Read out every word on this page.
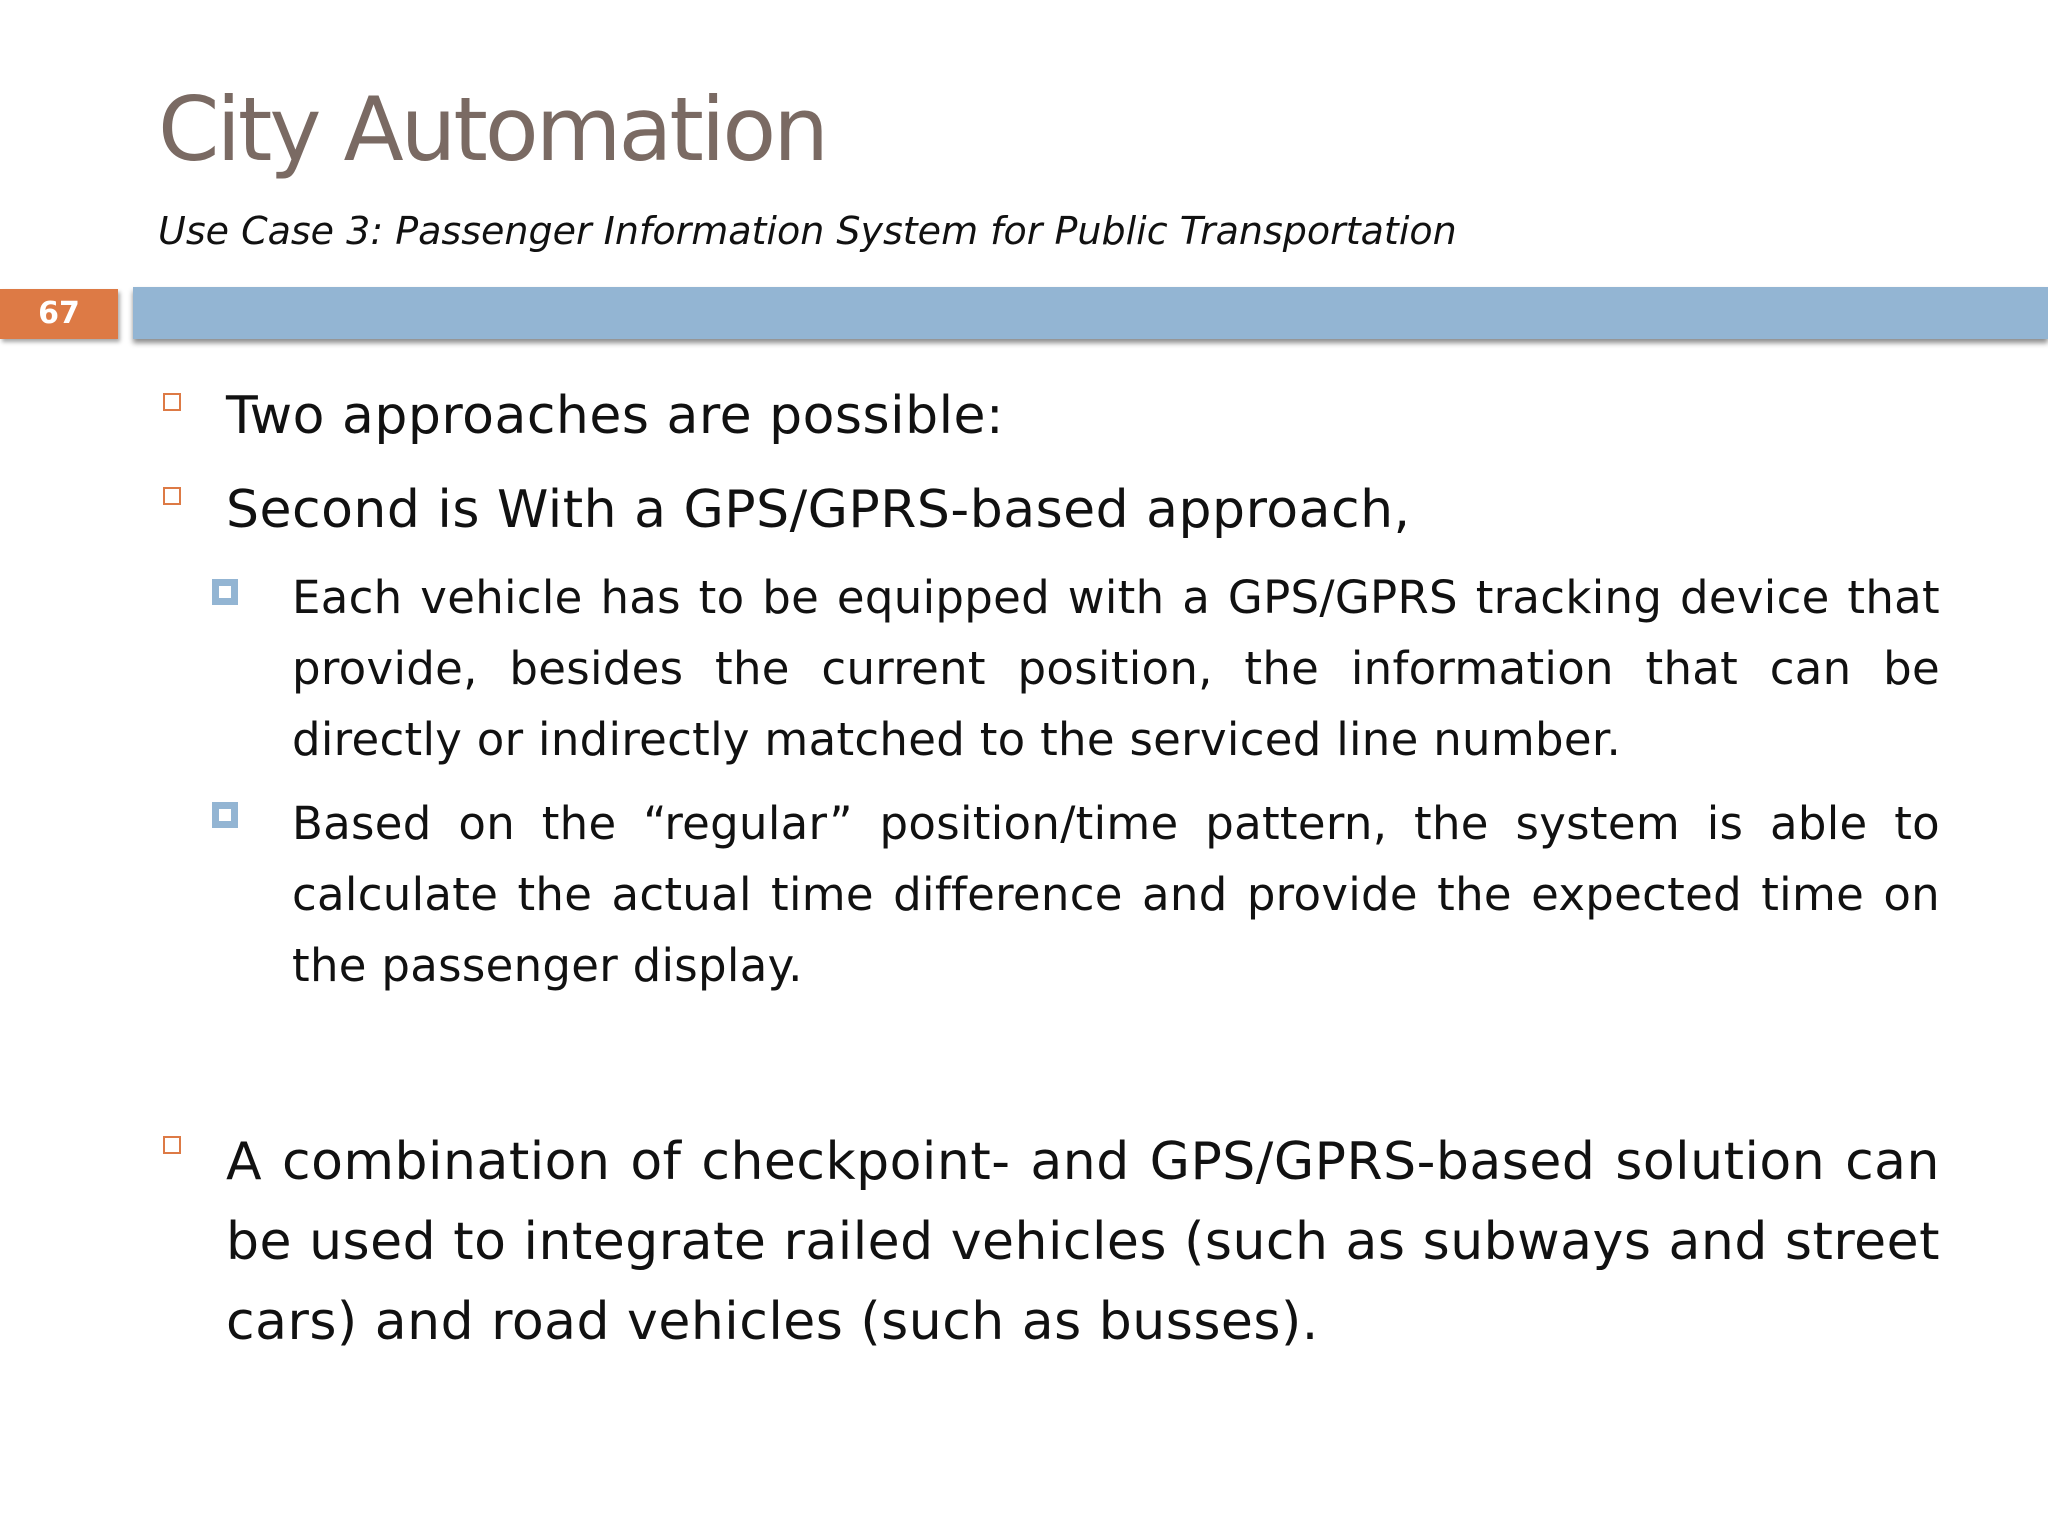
City Automation
Use Case 3: Passenger Information System for Public Transportation
67
Two approaches are possible:
Second is With a GPS/GPRS-based approach,
Each vehicle has to be equipped with a GPS/GPRS tracking device that provide, besides the current position, the information that can be directly or indirectly matched to the serviced line number.
Based on the “regular” position/time pattern, the system is able to calculate the actual time difference and provide the expected time on the passenger display.
A combination of checkpoint- and GPS/GPRS-based solution can be used to integrate railed vehicles (such as subways and street cars) and road vehicles (such as busses).
